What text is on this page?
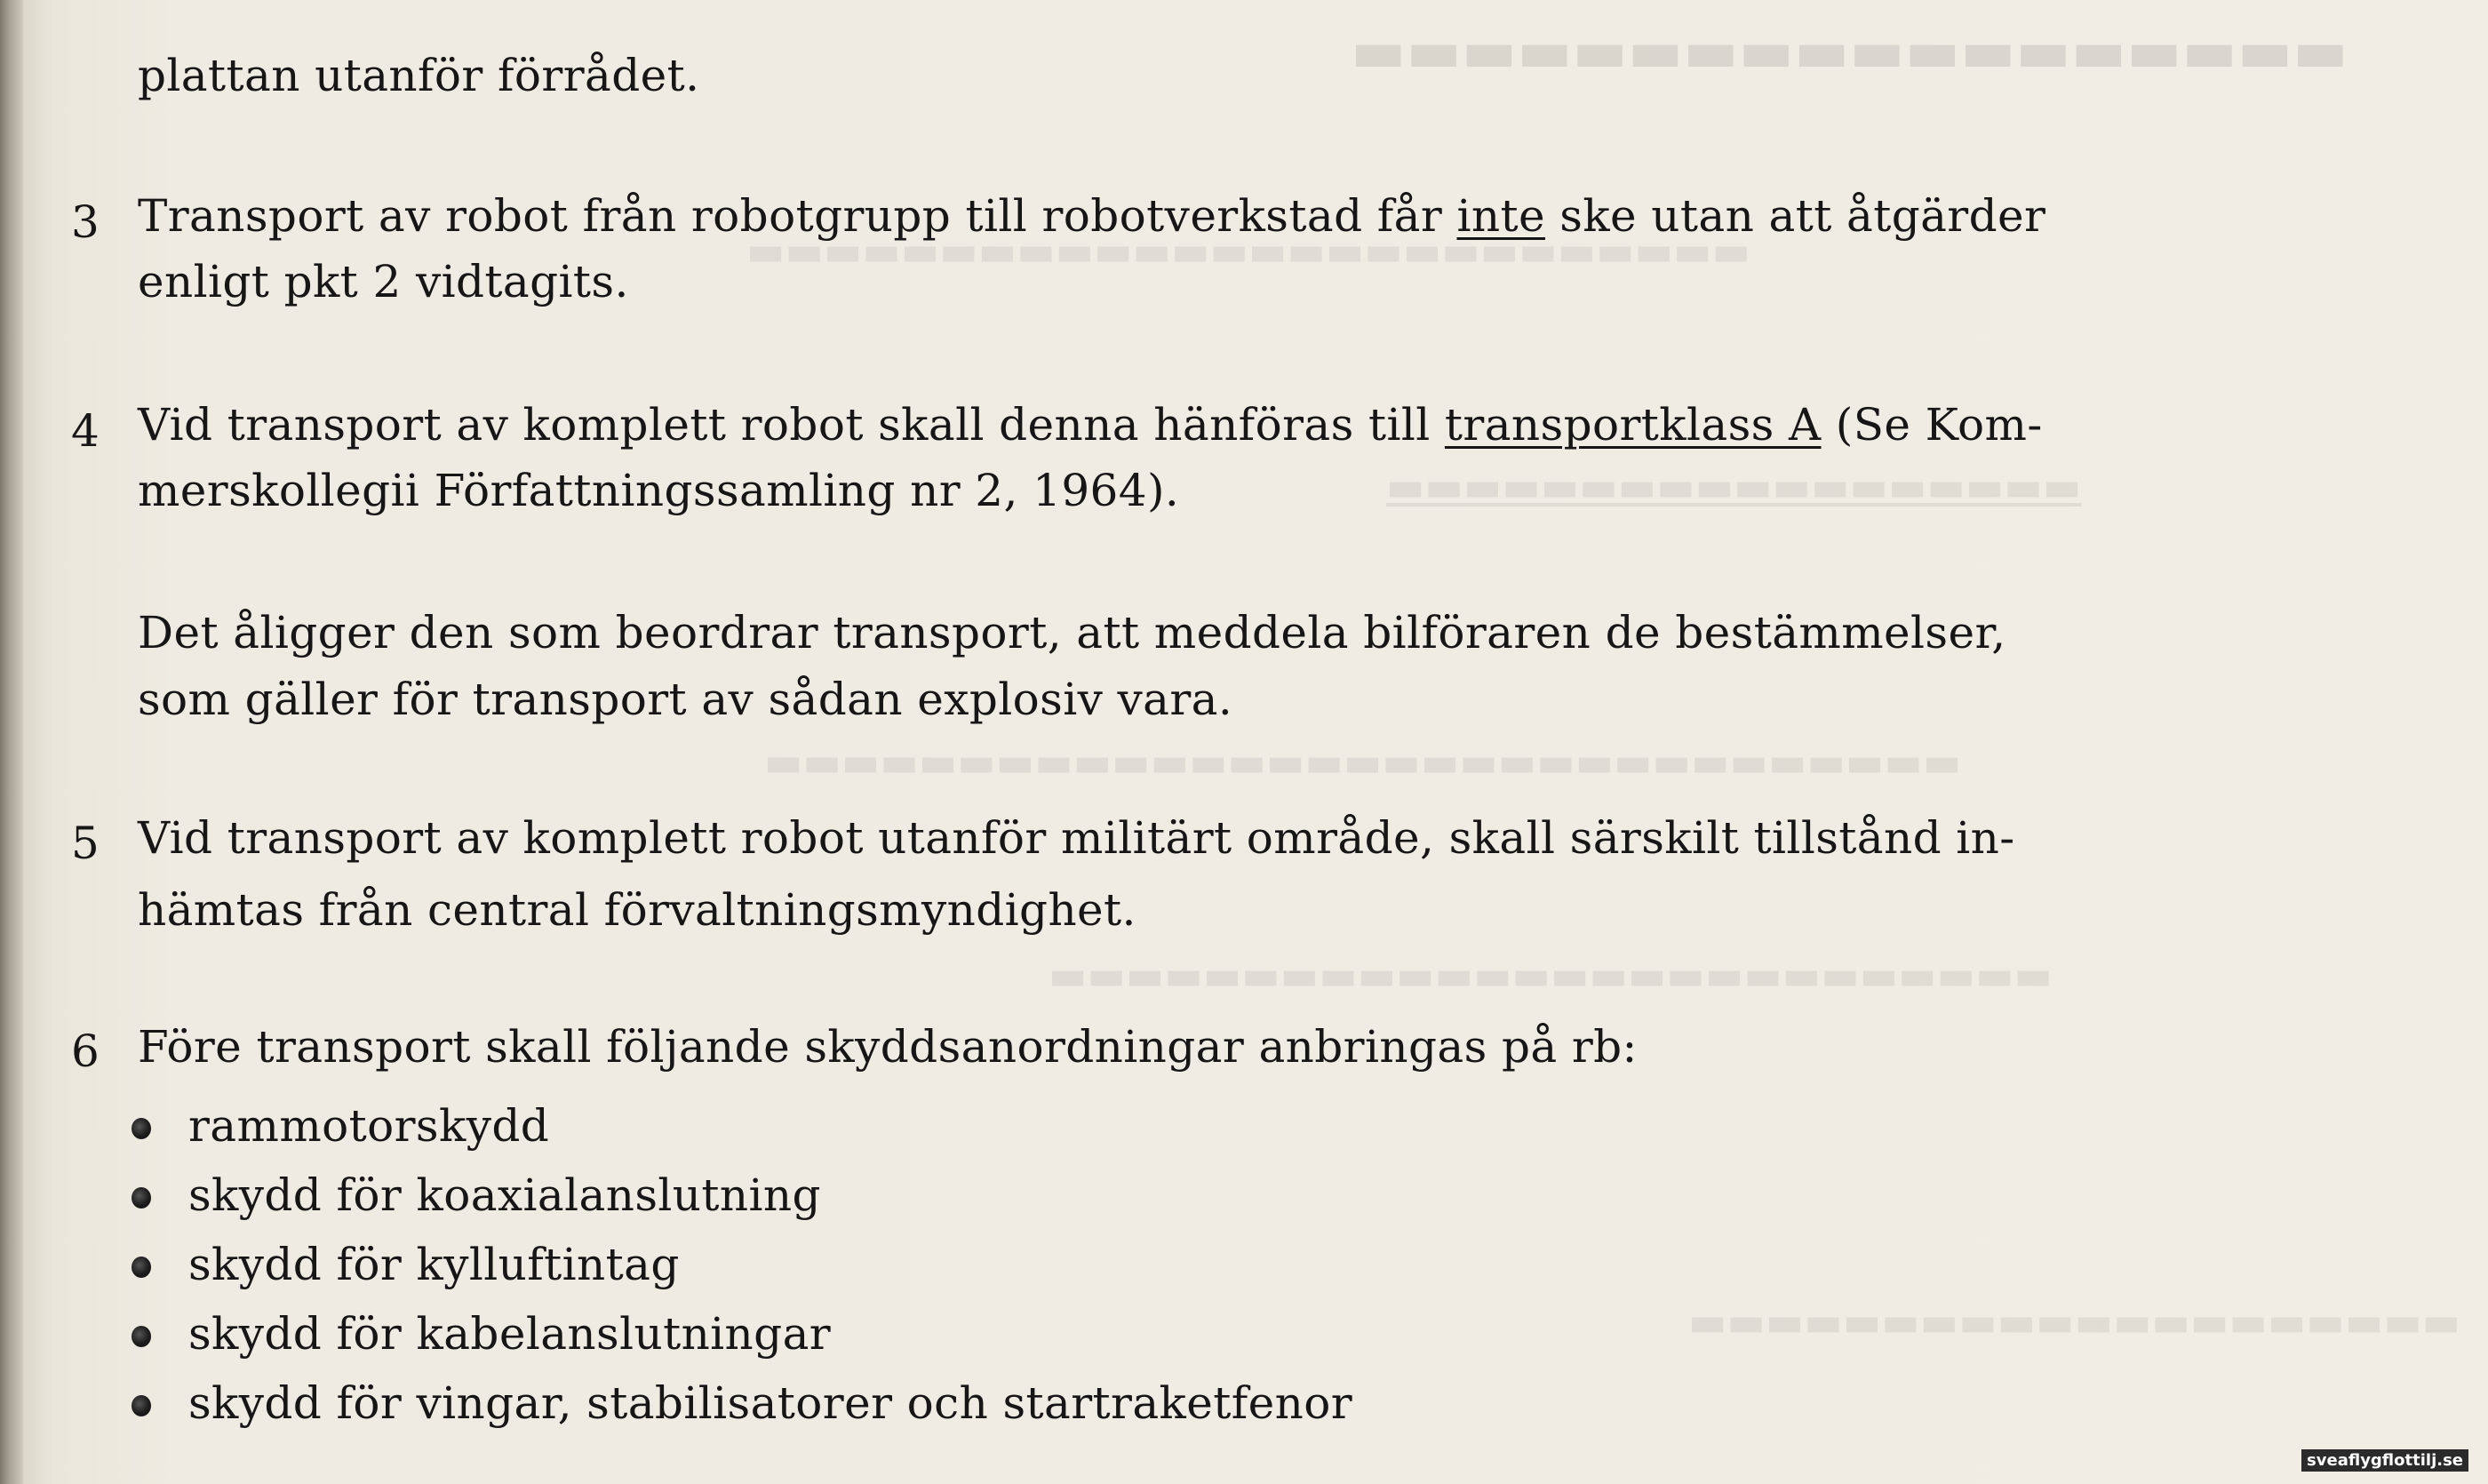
▬▬▬▬▬▬▬▬▬▬▬▬▬▬▬▬▬▬
▬▬▬▬▬▬▬▬▬▬▬▬▬▬▬▬▬▬▬▬▬▬▬▬▬▬
▬▬▬▬▬▬▬▬▬▬▬▬▬▬▬▬▬▬
▬▬▬▬▬▬▬▬▬▬▬▬▬▬▬▬▬▬▬▬▬▬▬▬▬▬▬▬▬▬▬
▬▬▬▬▬▬▬▬▬▬▬▬▬▬▬▬▬▬▬▬▬▬▬▬▬▬
▬▬▬▬▬▬▬▬▬▬▬▬▬▬▬▬▬▬▬▬

plattan utanför förrådet.

3 Transport av robot från robotgrupp till robotverkstad får inte ske utan att åtgärder

enligt pkt 2 vidtagits.

4 Vid transport av komplett robot skall denna hänföras till transportklass A (Se Kom-

merskollegii Författningssamling nr 2, 1964).

Det åligger den som beordrar transport, att meddela bilföraren de bestämmelser,

som gäller för transport av sådan explosiv vara.

5 Vid transport av komplett robot utanför militärt område, skall särskilt tillstånd in-

hämtas från central förvaltningsmyndighet.

6 Före transport skall följande skyddsanordningar anbringas på rb:

rammotorskydd
skydd för koaxialanslutning
skydd för kylluftintag
skydd för kabelanslutningar
skydd för vingar, stabilisatorer och startraketfenor
sveaflygflottilj.se
